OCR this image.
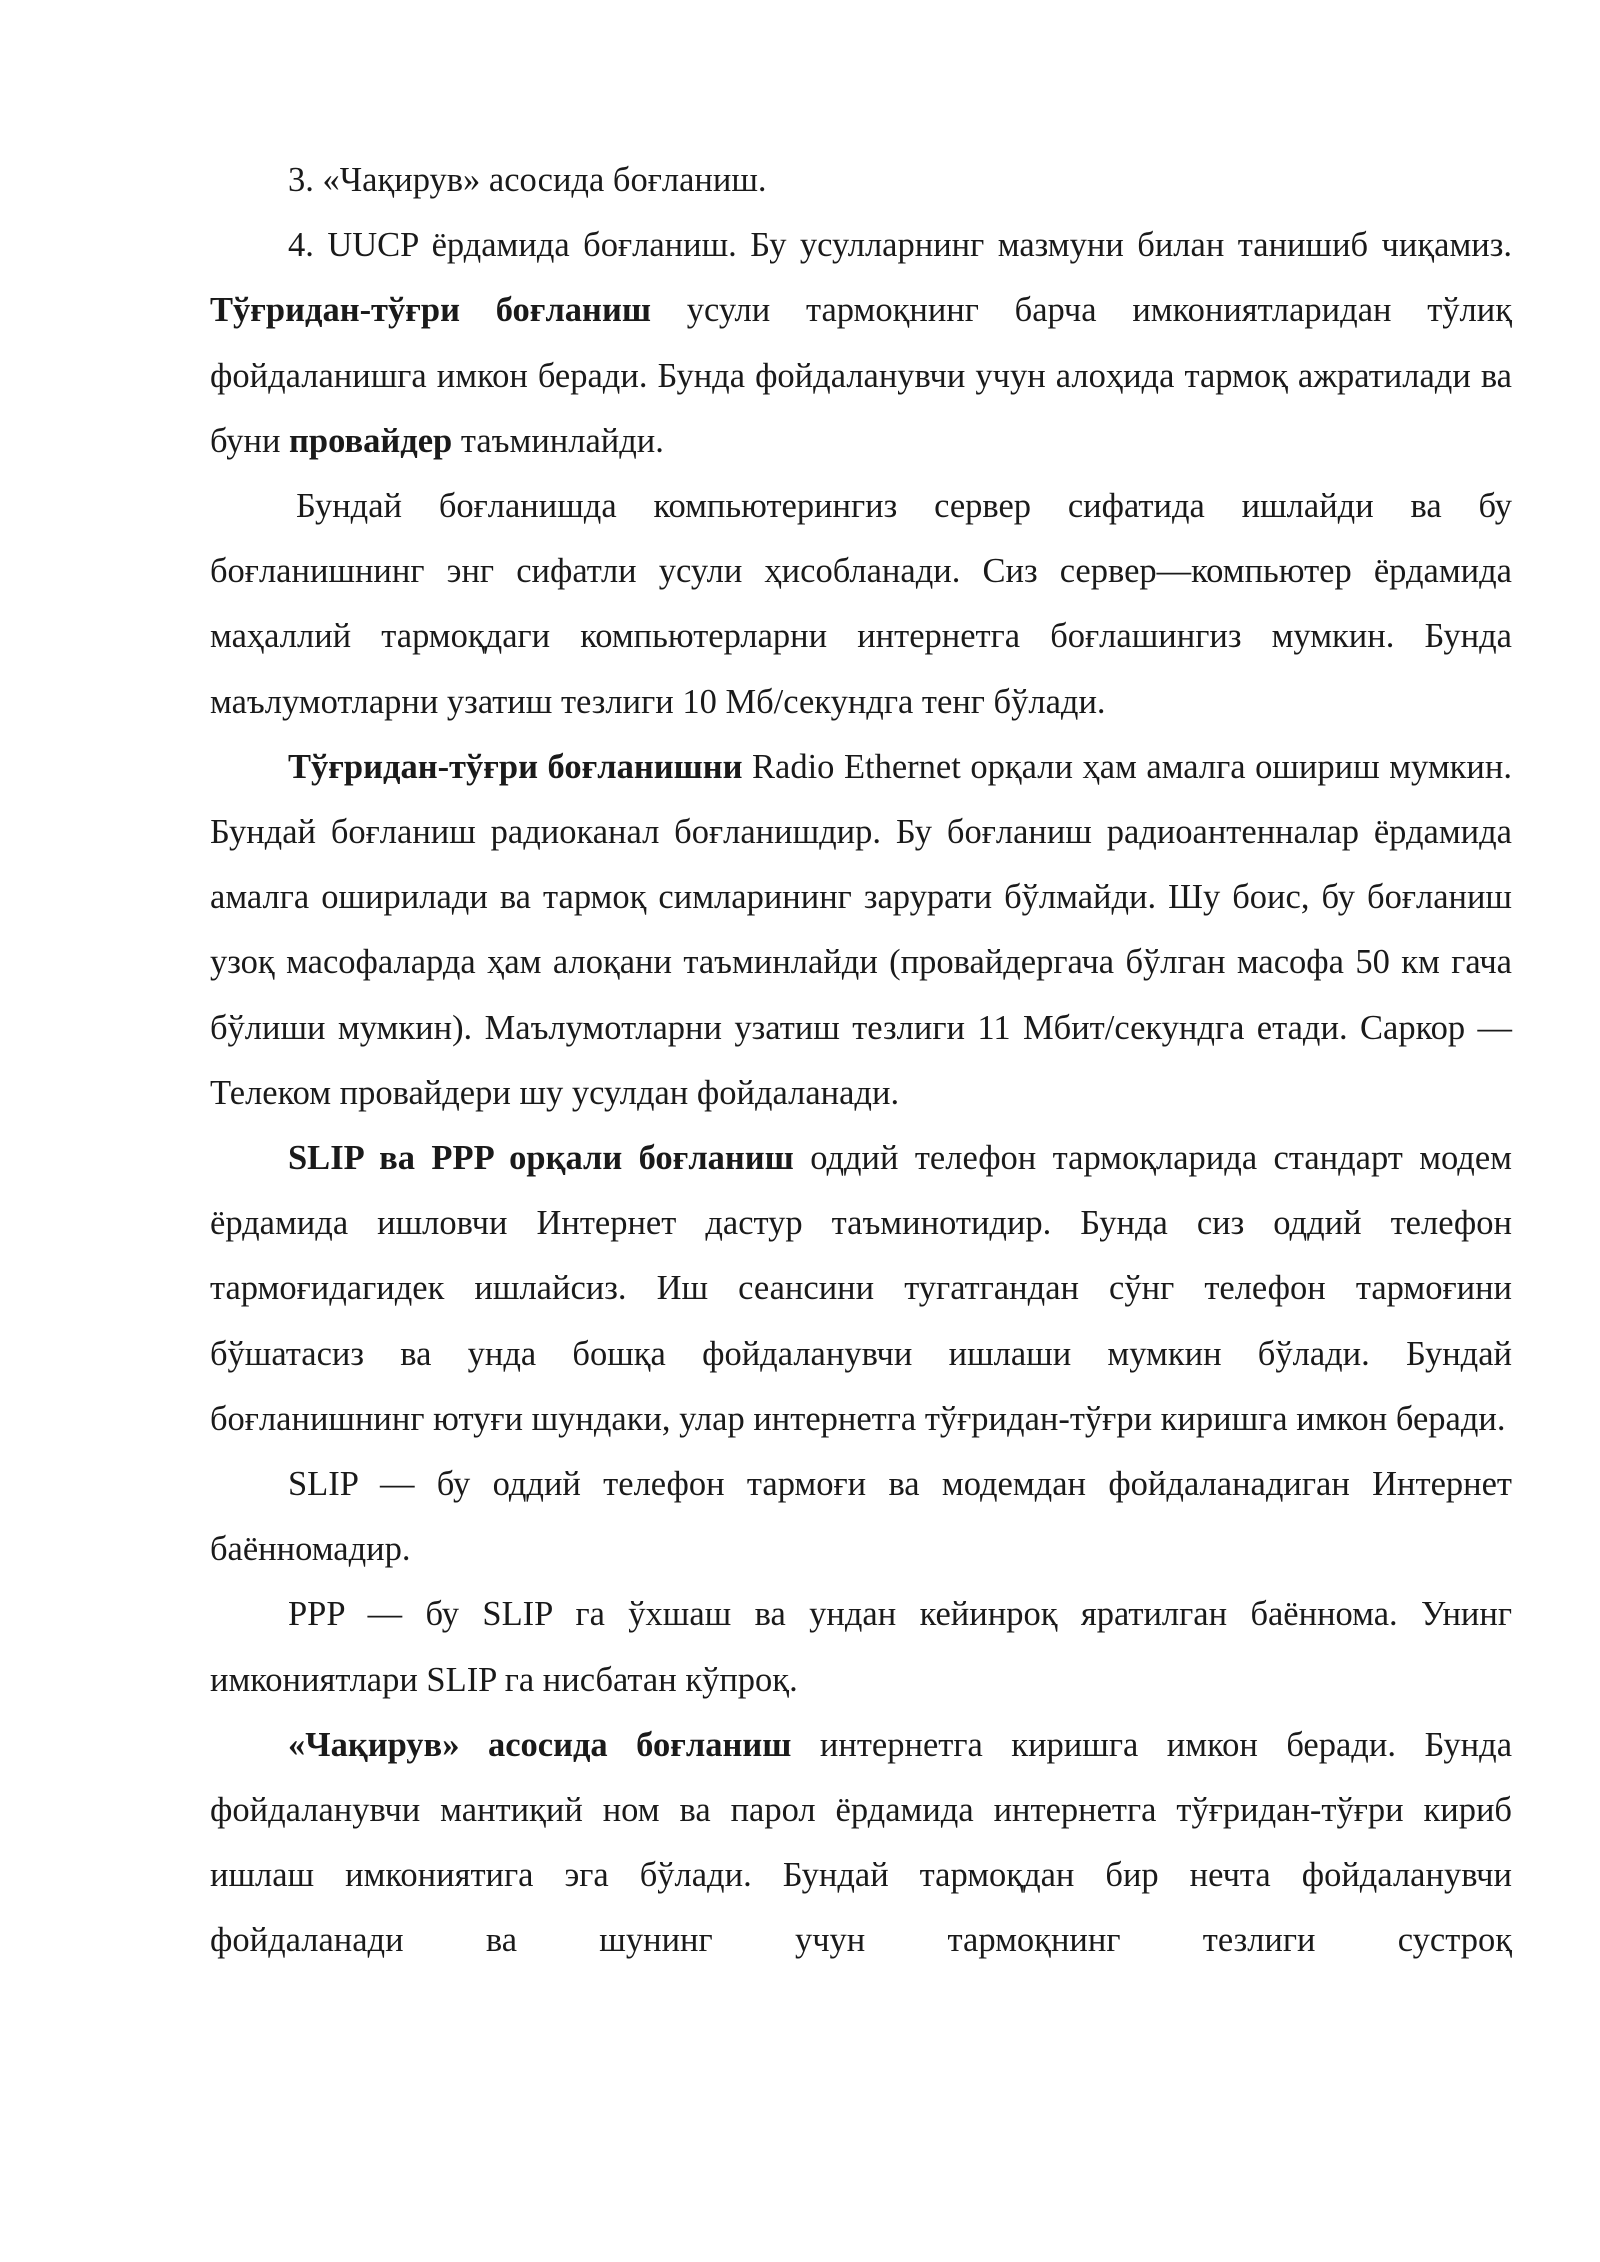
3. «Чақирув» асосида боғланиш.

4. UUCP ёрдамида боғланиш. Бу усулларнинг мазмуни билан танишиб чиқамиз. Тўғридан-тўғри боғланиш усули тармоқнинг барча имкониятларидан тўлиқ фойдаланишга имкон беради. Бунда фойдаланувчи учун алоҳида тармоқ ажратилади ва буни провайдер таъминлайди.

Бундай боғланишда компьютерингиз сервер сифатида ишлайди ва бу боғланишнинг энг сифатли усули ҳисобланади. Сиз сервер—компьютер ёрдамида маҳаллий тармоқдаги компьютерларни интернетга боғлашингиз мумкин. Бунда маълумотларни узатиш тезлиги 10 Мб/секундга тенг бўлади.

Тўғридан-тўғри боғланишни Radio Ethernet орқали ҳам амалга ошириш мумкин. Бундай боғланиш радиоканал боғланишдир. Бу боғланиш радиоантенналар ёрдамида амалга оширилади ва тармоқ симларининг зарурати бўлмайди. Шу боис, бу боғланиш узоқ масофаларда ҳам алоқани таъминлайди (провайдергача бўлган масофа 50 км гача бўлиши мумкин). Маълумотларни узатиш тезлиги 11 Мбит/секундга етади. Саркор — Телеком провайдери шу усулдан фойдаланади.

SLIP ва PPP орқали боғланиш оддий телефон тармоқларида стандарт модем ёрдамида ишловчи Интернет дастур таъминотидир. Бунда сиз оддий телефон тармоғидагидек ишлайсиз. Иш сеансини тугатгандан сўнг телефон тармоғини бўшатасиз ва унда бошқа фойдаланувчи ишлаши мумкин бўлади. Бундай боғланишнинг ютуғи шундаки, улар интернетга тўғридан-тўғри киришга имкон беради.

SLIP — бу оддий телефон тармоғи ва модемдан фойдаланадиган Интернет баённомадир.

PPP — бу SLIP га ўхшаш ва ундан кейинроқ яратилган баённома. Унинг имкониятлари SLIP га нисбатан кўпроқ.

«Чақирув» асосида боғланиш интернетга киришга имкон беради. Бунда фойдаланувчи мантиқий ном ва парол ёрдамида интернетга тўғридан-тўғри кириб ишлаш имкониятига эга бўлади. Бундай тармоқдан бир нечта фойдаланувчи фойдаланади ва шунинг учун тармоқнинг тезлиги сустроқ
